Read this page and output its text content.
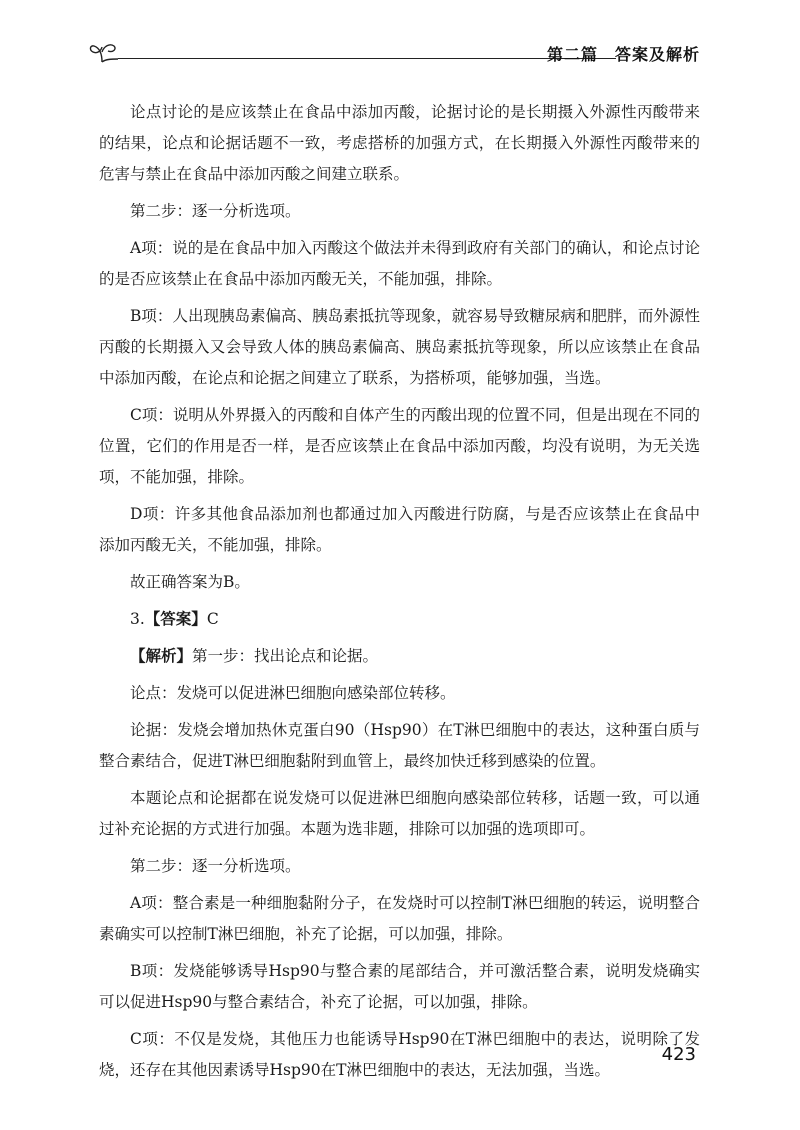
第二篇　答案及解析

论点讨论的是应该禁止在食品中添加丙酸，论据讨论的是长期摄入外源性丙酸带来的结果，论点和论据话题不一致，考虑搭桥的加强方式，在长期摄入外源性丙酸带来的危害与禁止在食品中添加丙酸之间建立联系。

第二步：逐一分析选项。

A项：说的是在食品中加入丙酸这个做法并未得到政府有关部门的确认，和论点讨论的是否应该禁止在食品中添加丙酸无关，不能加强，排除。

B项：人出现胰岛素偏高、胰岛素抵抗等现象，就容易导致糖尿病和肥胖，而外源性丙酸的长期摄入又会导致人体的胰岛素偏高、胰岛素抵抗等现象，所以应该禁止在食品中添加丙酸，在论点和论据之间建立了联系，为搭桥项，能够加强，当选。

C项：说明从外界摄入的丙酸和自体产生的丙酸出现的位置不同，但是出现在不同的位置，它们的作用是否一样，是否应该禁止在食品中添加丙酸，均没有说明，为无关选项，不能加强，排除。

D项：许多其他食品添加剂也都通过加入丙酸进行防腐，与是否应该禁止在食品中添加丙酸无关，不能加强，排除。

故正确答案为B。

3.【答案】C

【解析】第一步：找出论点和论据。

论点：发烧可以促进淋巴细胞向感染部位转移。

论据：发烧会增加热休克蛋白90（Hsp90）在T淋巴细胞中的表达，这种蛋白质与整合素结合，促进T淋巴细胞黏附到血管上，最终加快迁移到感染的位置。

本题论点和论据都在说发烧可以促进淋巴细胞向感染部位转移，话题一致，可以通过补充论据的方式进行加强。本题为选非题，排除可以加强的选项即可。

第二步：逐一分析选项。

A项：整合素是一种细胞黏附分子，在发烧时可以控制T淋巴细胞的转运，说明整合素确实可以控制T淋巴细胞，补充了论据，可以加强，排除。

B项：发烧能够诱导Hsp90与整合素的尾部结合，并可激活整合素，说明发烧确实可以促进Hsp90与整合素结合，补充了论据，可以加强，排除。

C项：不仅是发烧，其他压力也能诱导Hsp90在T淋巴细胞中的表达，说明除了发烧，还存在其他因素诱导Hsp90在T淋巴细胞中的表达，无法加强，当选。

423
